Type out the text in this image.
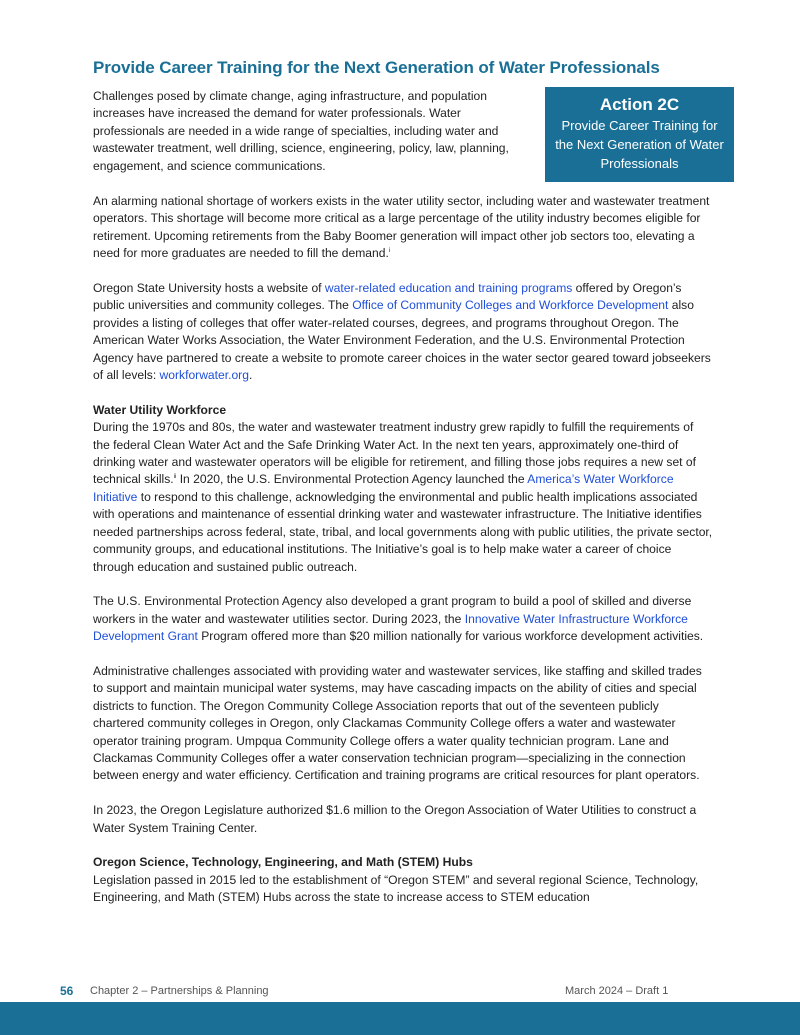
Provide Career Training for the Next Generation of Water Professionals
Challenges posed by climate change, aging infrastructure, and population increases have increased the demand for water professionals. Water professionals are needed in a wide range of specialties, including water and wastewater treatment, well drilling, science, engineering, policy, law, planning, engagement, and science communications.
Action 2C
Provide Career Training for the Next Generation of Water Professionals

An alarming national shortage of workers exists in the water utility sector, including water and wastewater treatment operators. This shortage will become more critical as a large percentage of the utility industry becomes eligible for retirement. Upcoming retirements from the Baby Boomer generation will impact other job sectors too, elevating a need for more graduates are needed to fill the demand.$^i$

Oregon State University hosts a website of water-related education and training programs offered by Oregon’s public universities and community colleges. The Office of Community Colleges and Workforce Development also provides a listing of colleges that offer water-related courses, degrees, and programs throughout Oregon. The American Water Works Association, the Water Environment Federation, and the U.S. Environmental Protection Agency have partnered to create a website to promote career choices in the water sector geared toward jobseekers of all levels: workforwater.org.

Water Utility Workforce

During the 1970s and 80s, the water and wastewater treatment industry grew rapidly to fulfill the requirements of the federal Clean Water Act and the Safe Drinking Water Act. In the next ten years, approximately one-third of drinking water and wastewater operators will be eligible for retirement, and filling those jobs requires a new set of technical skills.$^{ii}$ In 2020, the U.S. Environmental Protection Agency launched the America’s Water Workforce Initiative to respond to this challenge, acknowledging the environmental and public health implications associated with operations and maintenance of essential drinking water and wastewater infrastructure. The Initiative identifies needed partnerships across federal, state, tribal, and local governments along with public utilities, the private sector, community groups, and educational institutions. The Initiative’s goal is to help make water a career of choice through education and sustained public outreach.

The U.S. Environmental Protection Agency also developed a grant program to build a pool of skilled and diverse workers in the water and wastewater utilities sector. During 2023, the Innovative Water Infrastructure Workforce Development Grant Program offered more than $20 million nationally for various workforce development activities.

Administrative challenges associated with providing water and wastewater services, like staffing and skilled trades to support and maintain municipal water systems, may have cascading impacts on the ability of cities and special districts to function. The Oregon Community College Association reports that out of the seventeen publicly chartered community colleges in Oregon, only Clackamas Community College offers a water and wastewater operator training program. Umpqua Community College offers a water quality technician program. Lane and Clackamas Community Colleges offer a water conservation technician program—specializing in the connection between energy and water efficiency. Certification and training programs are critical resources for plant operators.

In 2023, the Oregon Legislature authorized $1.6 million to the Oregon Association of Water Utilities to construct a Water System Training Center.

Oregon Science, Technology, Engineering, and Math (STEM) Hubs

Legislation passed in 2015 led to the establishment of “Oregon STEM” and several regional Science, Technology, Engineering, and Math (STEM) Hubs across the state to increase access to STEM education

56 Chapter 2 – Partnerships & Planning	March 2024 – Draft 1
